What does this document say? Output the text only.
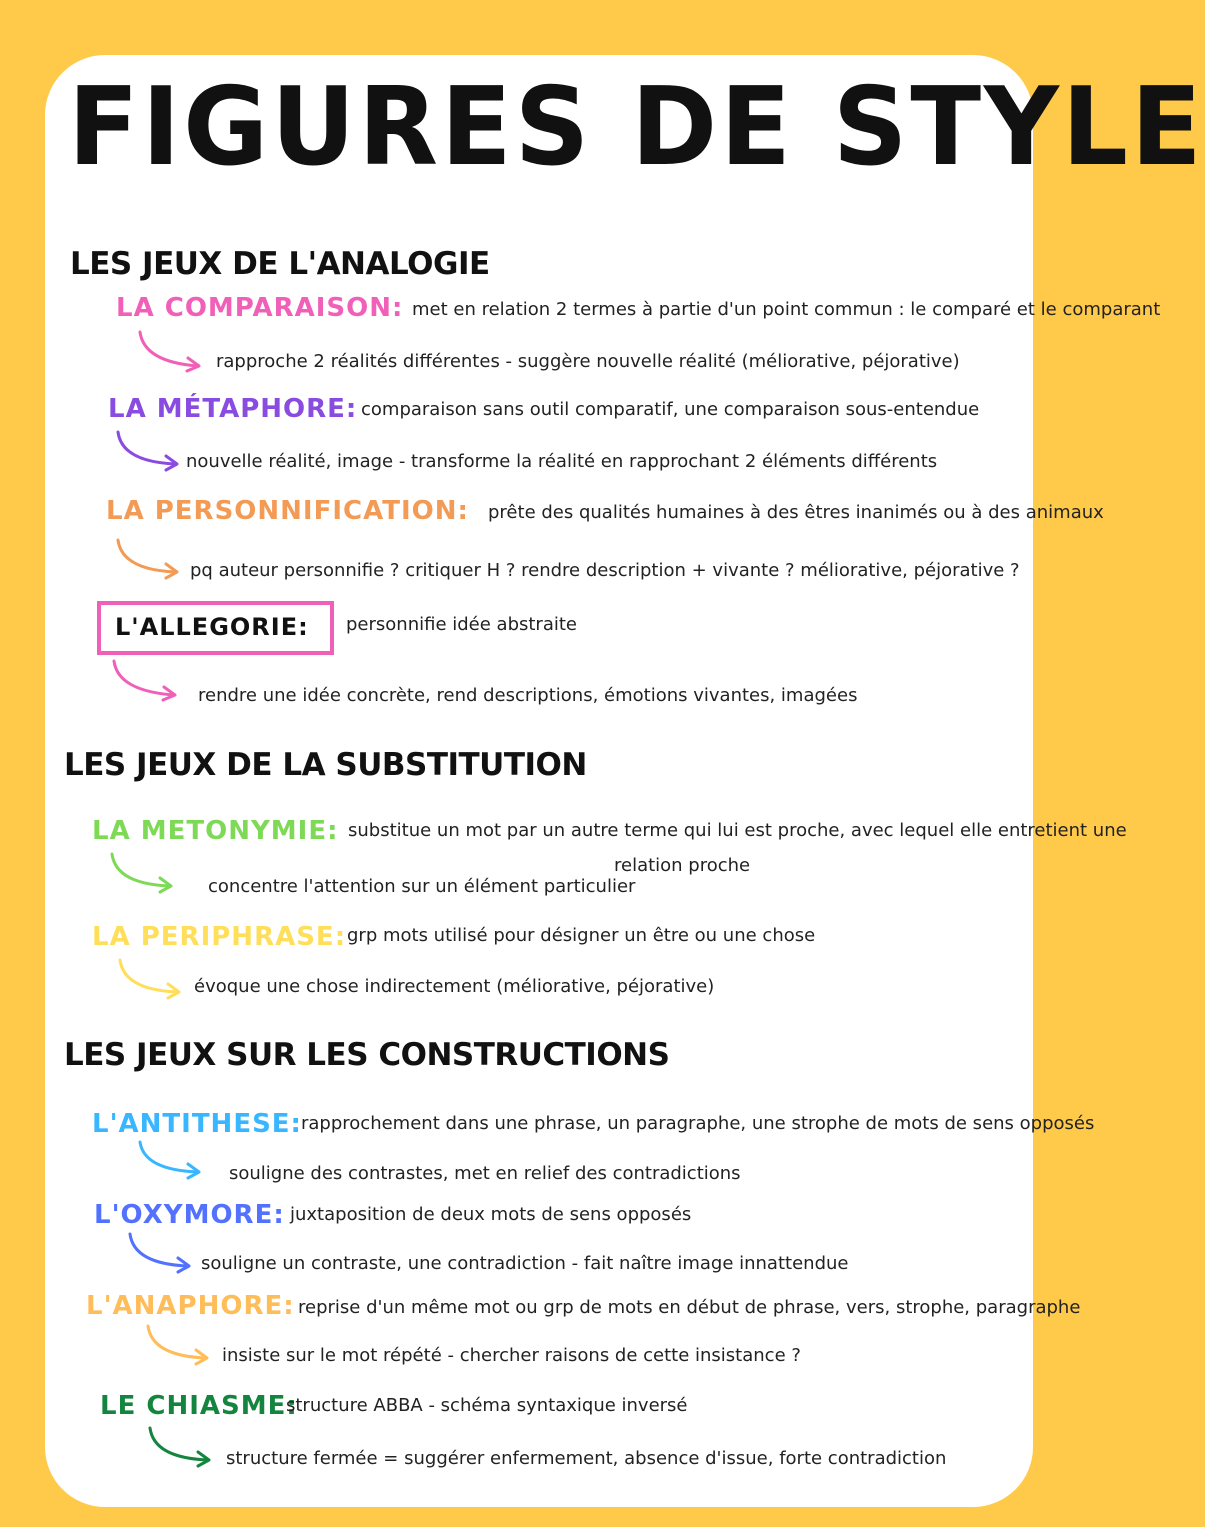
FIGURES DE STYLE
LES JEUX DE L'ANALOGIE
LA COMPARAISON: met en relation 2 termes à partie d'un point commun : le comparé et le comparant
rapproche 2 réalités différentes - suggère nouvelle réalité (méliorative, péjorative)
LA MÉTAPHORE: comparaison sans outil comparatif, une comparaison sous-entendue
nouvelle réalité, image - transforme la réalité en rapprochant 2 éléments différents
LA PERSONNIFICATION: prête des qualités humaines à des êtres inanimés ou à des animaux
pq auteur personnifie ? critiquer H ? rendre description + vivante ? méliorative, péjorative ?
L'ALLEGORIE:	personnifie idée abstraite
rendre une idée concrète, rend descriptions, émotions vivantes, imagées
LES JEUX DE LA SUBSTITUTION
LA METONYMIE: substitue un mot par un autre terme qui lui est proche, avec lequel elle entretient une
relation proche
concentre l'attention sur un élément particulier
LA PERIPHRASE: grp mots utilisé pour désigner un être ou une chose
évoque une chose indirectement (méliorative, péjorative)
LES JEUX SUR LES CONSTRUCTIONS
L'ANTITHESE: rapprochement dans une phrase, un paragraphe, une strophe de mots de sens opposés
souligne des contrastes, met en relief des contradictions
L'OXYMORE: juxtaposition de deux mots de sens opposés
souligne un contraste, une contradiction - fait naître image innattendue
L'ANAPHORE: reprise d'un même mot ou grp de mots en début de phrase, vers, strophe, paragraphe
insiste sur le mot répété - chercher raisons de cette insistance ?
LE CHIASME:
structure ABBA - schéma syntaxique inversé
structure fermée = suggérer enfermement, absence d'issue, forte contradiction
